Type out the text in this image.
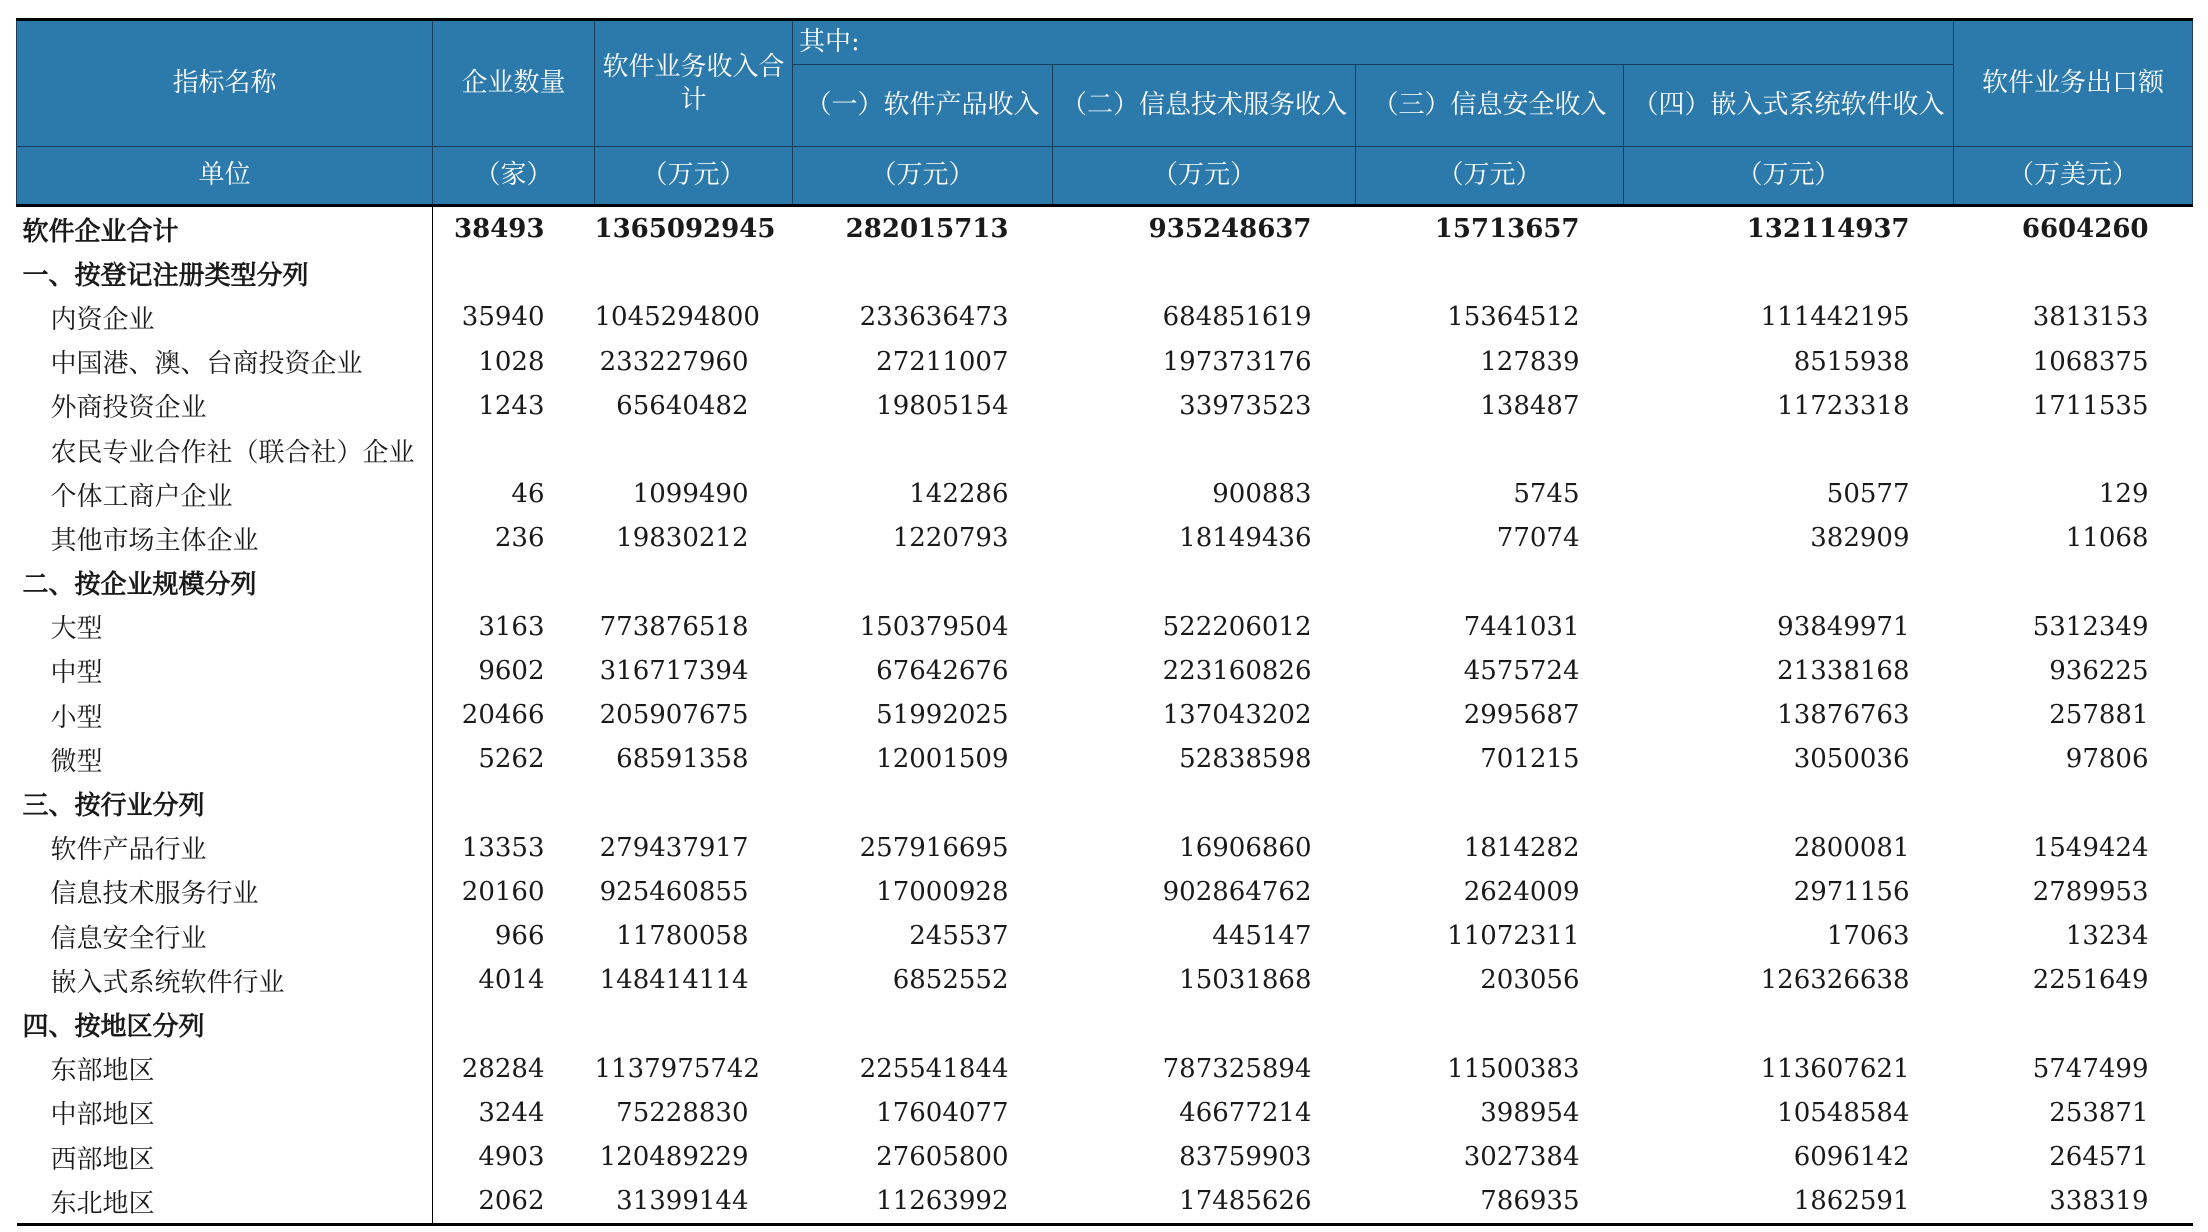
指标名称	企业数量	软件业务收入合计	其中:				软件业务出口额
			（一）软件产品收入	（二）信息技术服务收入	（三）信息安全收入	（四）嵌入式系统软件收入	
单位	（家）	（万元）	（万元）	（万元）	（万元）	（万元）	（万美元）
软件企业合计	38493	1365092945	282015713	935248637	15713657	132114937	6604260
一、按登记注册类型分列							
内资企业	35940	1045294800	233636473	684851619	15364512	111442195	3813153
中国港、澳、台商投资企业	1028	233227960	27211007	197373176	127839	8515938	1068375
外商投资企业	1243	65640482	19805154	33973523	138487	11723318	1711535
农民专业合作社（联合社）企业							
个体工商户企业	46	1099490	142286	900883	5745	50577	129
其他市场主体企业	236	19830212	1220793	18149436	77074	382909	11068
二、按企业规模分列							
大型	3163	773876518	150379504	522206012	7441031	93849971	5312349
中型	9602	316717394	67642676	223160826	4575724	21338168	936225
小型	20466	205907675	51992025	137043202	2995687	13876763	257881
微型	5262	68591358	12001509	52838598	701215	3050036	97806
三、按行业分列							
软件产品行业	13353	279437917	257916695	16906860	1814282	2800081	1549424
信息技术服务行业	20160	925460855	17000928	902864762	2624009	2971156	2789953
信息安全行业	966	11780058	245537	445147	11072311	17063	13234
嵌入式系统软件行业	4014	148414114	6852552	15031868	203056	126326638	2251649
四、按地区分列							
东部地区	28284	1137975742	225541844	787325894	11500383	113607621	5747499
中部地区	3244	75228830	17604077	46677214	398954	10548584	253871
西部地区	4903	120489229	27605800	83759903	3027384	6096142	264571
东北地区	2062	31399144	11263992	17485626	786935	1862591	338319
